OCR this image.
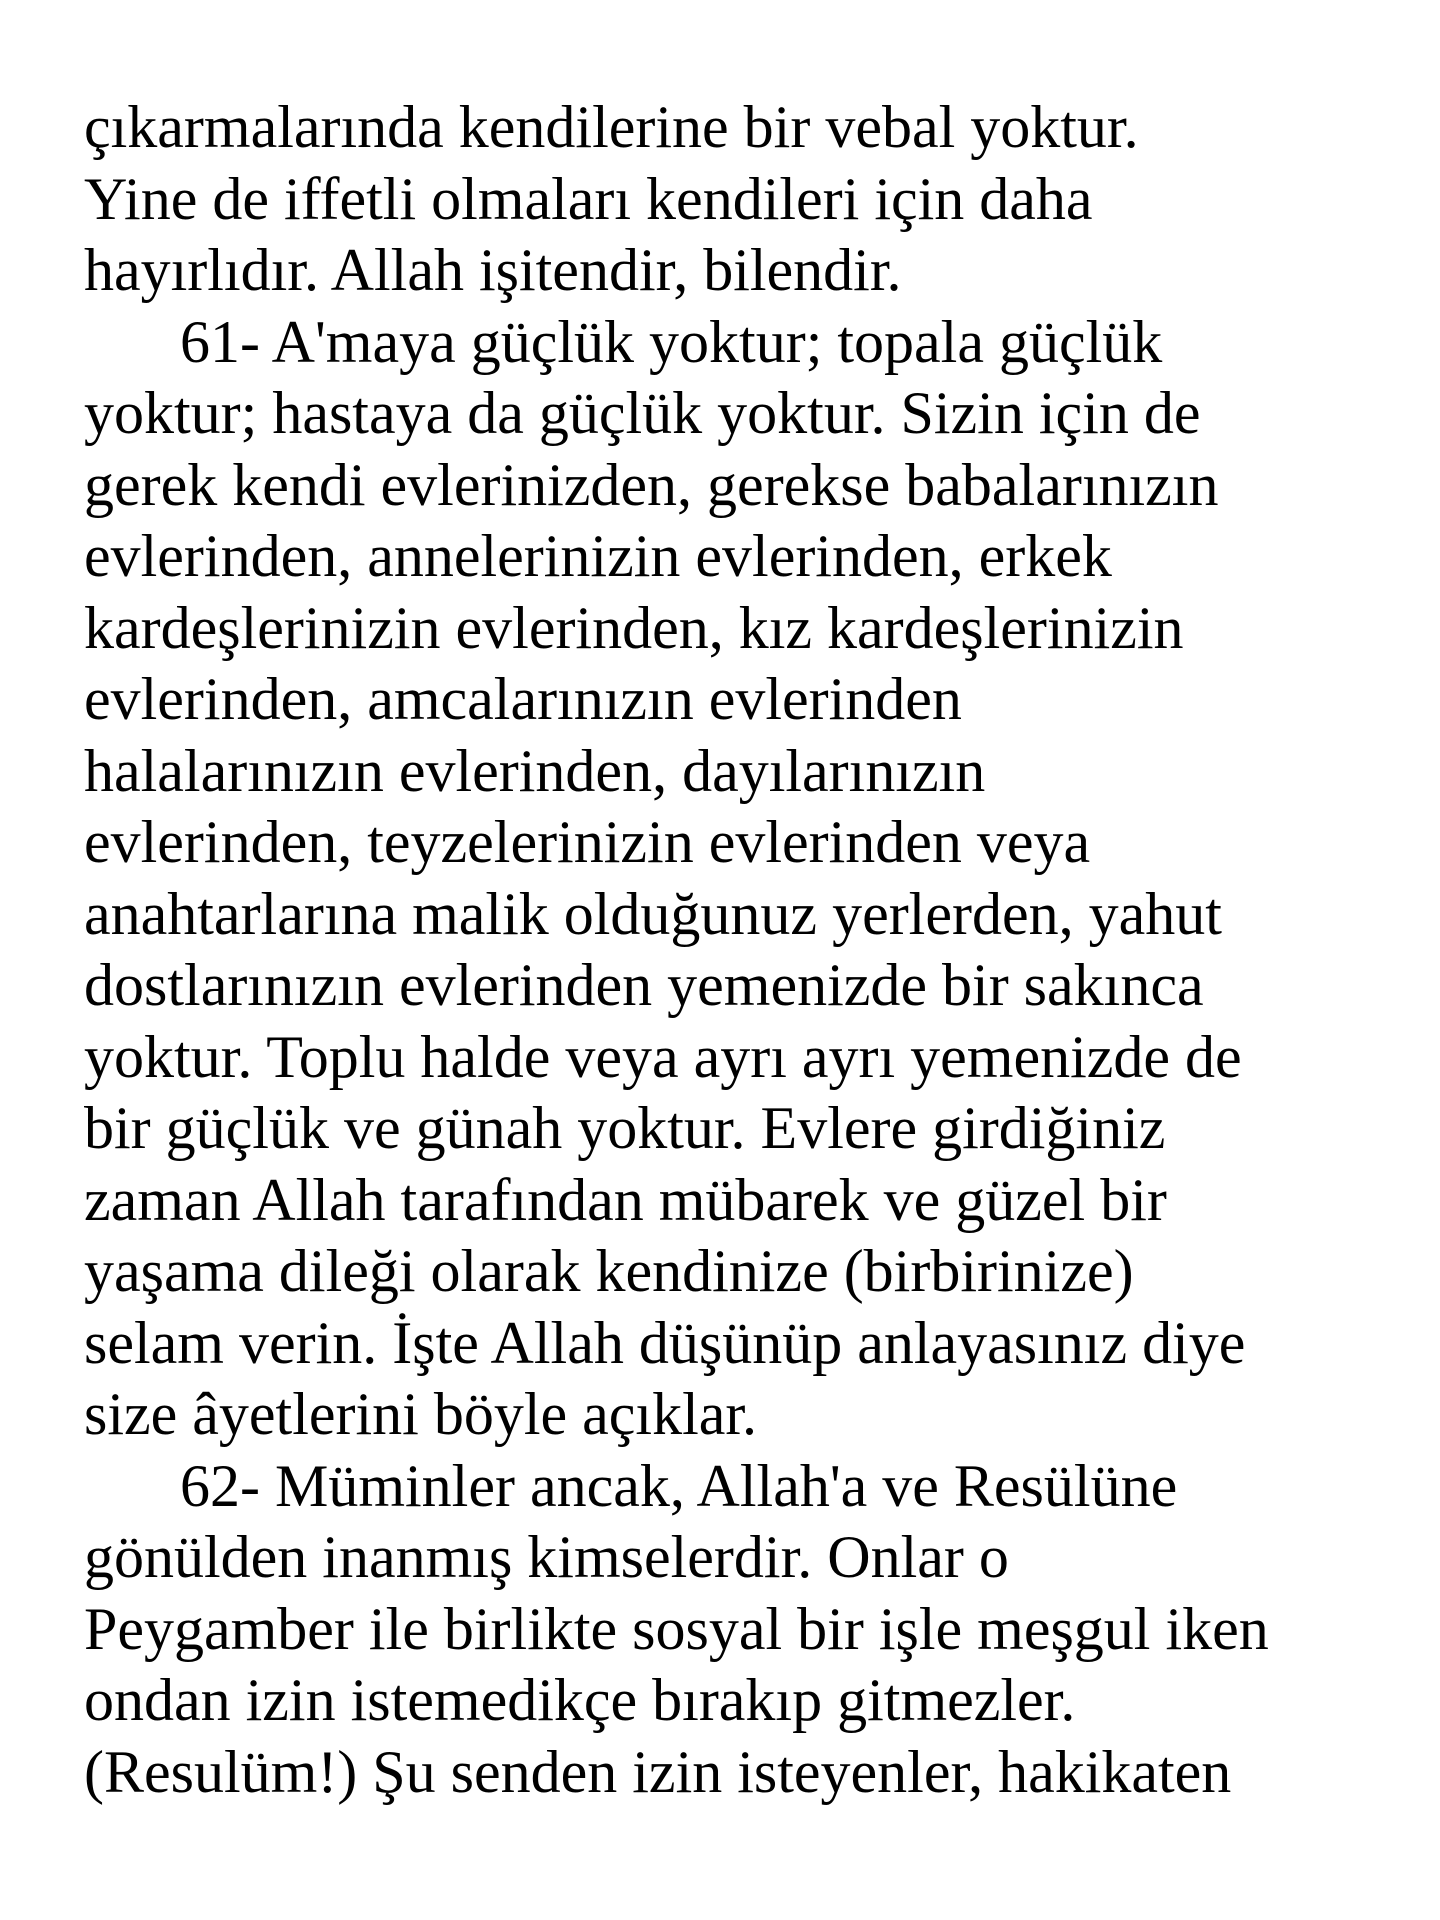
çıkarmalarında kendilerine bir vebal yoktur.
Yine de iffetli olmaları kendileri için daha
hayırlıdır. Allah işitendir, bilendir.
61- A'maya güçlük yoktur; topala güçlük
yoktur; hastaya da güçlük yoktur. Sizin için de
gerek kendi evlerinizden, gerekse babalarınızın
evlerinden, annelerinizin evlerinden, erkek
kardeşlerinizin evlerinden, kız kardeşlerinizin
evlerinden, amcalarınızın evlerinden
halalarınızın evlerinden, dayılarınızın
evlerinden, teyzelerinizin evlerinden veya
anahtarlarına malik olduğunuz yerlerden, yahut
dostlarınızın evlerinden yemenizde bir sakınca
yoktur. Toplu halde veya ayrı ayrı yemenizde de
bir güçlük ve günah yoktur. Evlere girdiğiniz
zaman Allah tarafından mübarek ve güzel bir
yaşama dileği olarak kendinize (birbirinize)
selam verin. İşte Allah düşünüp anlayasınız diye
size âyetlerini böyle açıklar.
62- Müminler ancak, Allah'a ve Resülüne
gönülden inanmış kimselerdir. Onlar o
Peygamber ile birlikte sosyal bir işle meşgul iken
ondan izin istemedikçe bırakıp gitmezler.
(Resulüm!) Şu senden izin isteyenler, hakikaten
